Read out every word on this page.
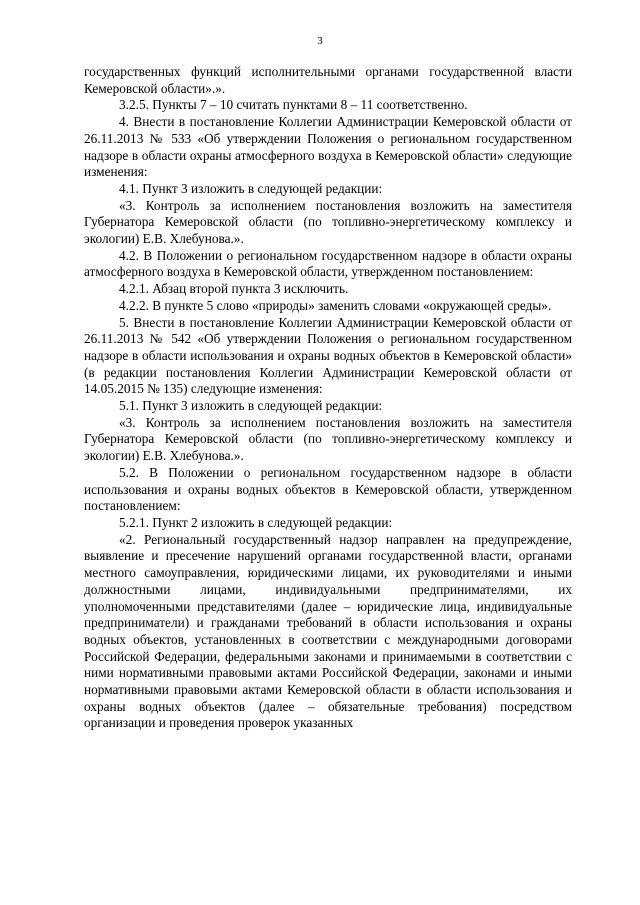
3

государственных функций исполнительными органами государственной власти Кемеровской области».».

3.2.5. Пункты 7 – 10 считать пунктами 8 – 11 соответственно.

4. Внести в постановление Коллегии Администрации Кемеровской области от 26.11.2013 № 533 «Об утверждении Положения о региональном государственном надзоре в области охраны атмосферного воздуха в Кемеровской области» следующие изменения:

4.1. Пункт 3 изложить в следующей редакции:

«3. Контроль за исполнением постановления возложить на заместителя Губернатора Кемеровской области (по топливно-энергетическому комплексу и экологии) Е.В. Хлебунова.».

4.2. В Положении о региональном государственном надзоре в области охраны атмосферного воздуха в Кемеровской области, утвержденном постановлением:

4.2.1. Абзац второй пункта 3 исключить.

4.2.2. В пункте 5 слово «природы» заменить словами «окружающей среды».

5. Внести в постановление Коллегии Администрации Кемеровской области от 26.11.2013 № 542 «Об утверждении Положения о региональном государственном надзоре в области использования и охраны водных объектов в Кемеровской области» (в редакции постановления Коллегии Администрации Кемеровской области от 14.05.2015 № 135) следующие изменения:

5.1. Пункт 3 изложить в следующей редакции:

«3. Контроль за исполнением постановления возложить на заместителя Губернатора Кемеровской области (по топливно-энергетическому комплексу и экологии) Е.В. Хлебунова.».

5.2. В Положении о региональном государственном надзоре в области использования и охраны водных объектов в Кемеровской области, утвержденном постановлением:

5.2.1. Пункт 2 изложить в следующей редакции:

«2. Региональный государственный надзор направлен на предупреждение, выявление и пресечение нарушений органами государственной власти, органами местного самоуправления, юридическими лицами, их руководителями и иными должностными лицами, индивидуальными предпринимателями, их уполномоченными представителями (далее – юридические лица, индивидуальные предприниматели) и гражданами требований в области использования и охраны водных объектов, установленных в соответствии с международными договорами Российской Федерации, федеральными законами и принимаемыми в соответствии с ними нормативными правовыми актами Российской Федерации, законами и иными нормативными правовыми актами Кемеровской области в области использования и охраны водных объектов (далее – обязательные требования) посредством организации и проведения проверок указанных
